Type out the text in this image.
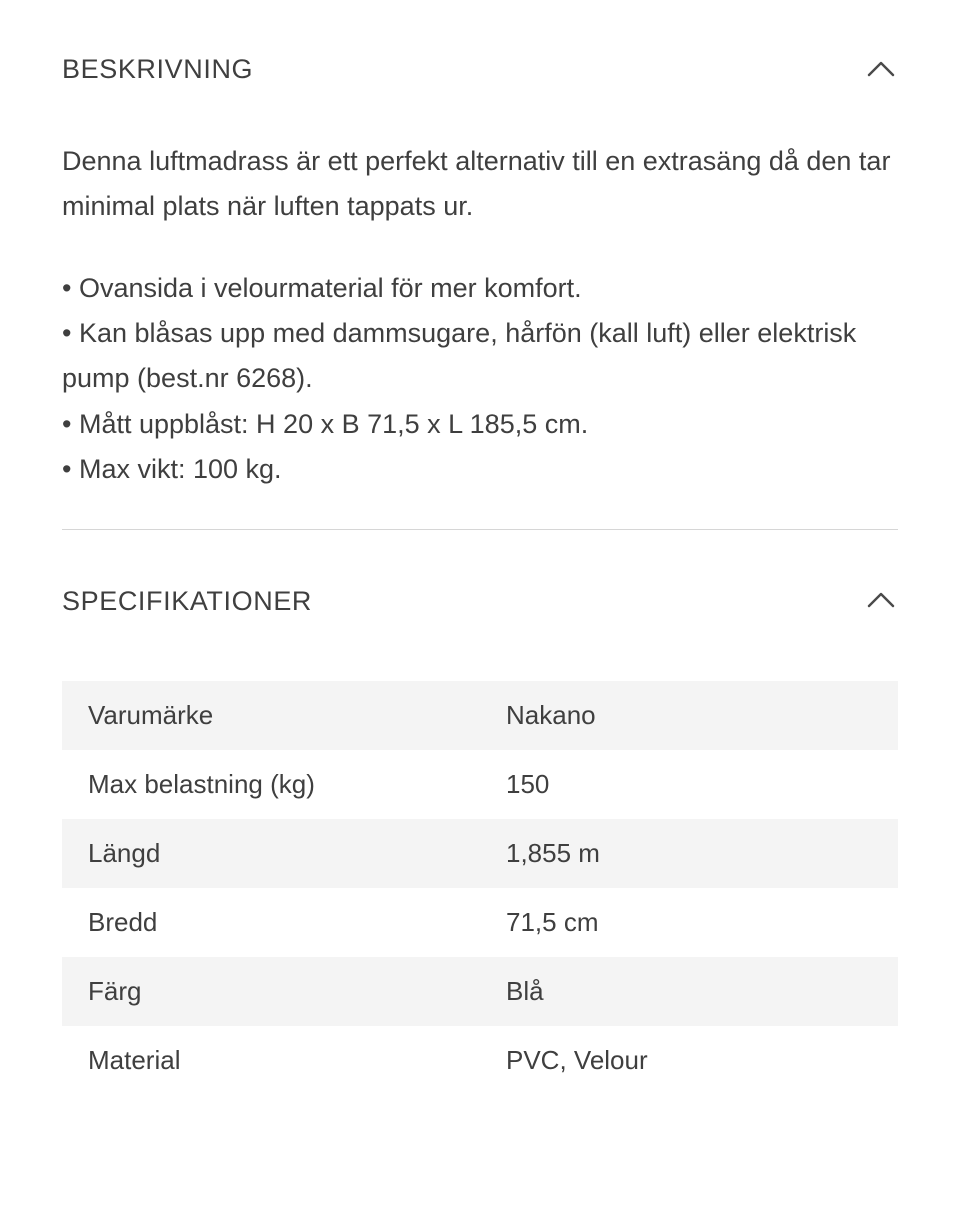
BESKRIVNING

Denna luftmadrass är ett perfekt alternativ till en extrasäng då den tar minimal plats när luften tappats ur.

• Ovansida i velourmaterial för mer komfort.

• Kan blåsas upp med dammsugare, hårfön (kall luft) eller elektrisk pump (best.nr 6268).

• Mått uppblåst: H 20 x B 71,5 x L 185,5 cm.

• Max vikt: 100 kg.

SPECIFIKATIONER
Varumärke	Nakano
Max belastning (kg)	150
Längd	1,855 m
Bredd	71,5 cm
Färg	Blå
Material	PVC, Velour
